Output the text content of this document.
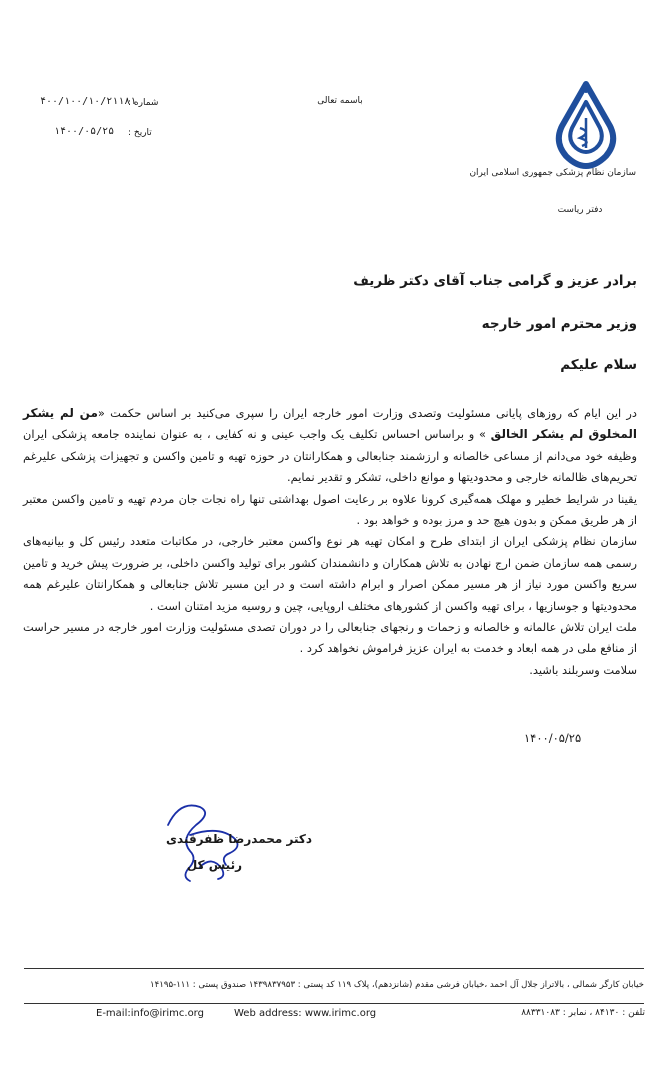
سازمان نظام پزشکی جمهوری اسلامی ایران
دفتر ریاست
باسمه تعالی
شماره :
۴۰۰/۱۰۰/۱۰/۲۱۱۸۱
تاریخ :
۱۴۰۰/۰۵/۲۵
برادر عزیز و گرامی جناب آقای دکتر ظریف
وزیر محترم امور خارجه
سلام علیکم

در این ایام که روزهای پایانی مسئولیت وتصدی وزارت امور خارجه ایران را سپری می‌کنید بر اساس حکمت «من لم یشکر المخلوق لم یشکر الخالق » و براساس احساس تکلیف یک واجب عینی و نه کفایی ، به عنوان نماینده جامعه پزشکی ایران وظیفه خود می‌دانم از مساعی خالصانه و ارزشمند جنابعالی و همکارانتان در حوزه تهیه و تامین واکسن و تجهیزات پزشکی علیرغم تحریم‌های ظالمانه خارجی و محدودیتها و موانع داخلی، تشکر و تقدیر نمایم.

یقینا در شرایط خطیر و مهلک همه‌گیری کرونا علاوه بر رعایت اصول بهداشتی تنها راه نجات جان مردم تهیه و تامین واکسن معتبر از هر طریق ممکن و بدون هیچ حد و مرز بوده و خواهد بود .

سازمان نظام پزشکی ایران از ابتدای طرح و امکان تهیه هر نوع واکسن معتبر خارجی، در مکاتبات متعدد رئیس کل و بیانیه‌های رسمی همه سازمان ضمن ارج نهادن به تلاش همکاران و دانشمندان کشور برای تولید واکسن داخلی، بر ضرورت پیش خرید و تامین سریع واکسن مورد نیاز از هر مسیر ممکن اصرار و ابرام داشته است و در این مسیر تلاش جنابعالی و همکارانتان علیرغم همه محدودیتها و جوسازیها ، برای تهیه واکسن از کشورهای مختلف اروپایی، چین و روسیه مزید امتنان است .

ملت ایران تلاش عالمانه و خالصانه و زحمات و رنجهای جنابعالی را در دوران تصدی مسئولیت وزارت امور خارجه در مسیر حراست از منافع ملی در همه ابعاد و خدمت به ایران عزیز فراموش نخواهد کرد .

سلامت وسربلند باشید.

۱۴۰۰/۰۵/۲۵
دکتر محمدرضا ظفرقندی
رئیس کل
خیابان کارگر شمالی ، بالاتراز جلال آل احمد ،خیابان فرشی مقدم (شانزدهم)، پلاک ۱۱۹ کد پستی : ۱۴۳۹۸۳۷۹۵۳ صندوق پستی : ۱۱۱-۱۴۱۹۵
E-mail:info@irimc.org	Web address: www.irimc.org	تلفن : ۸۴۱۳۰ ، نمابر : ۸۸۳۳۱۰۸۳
